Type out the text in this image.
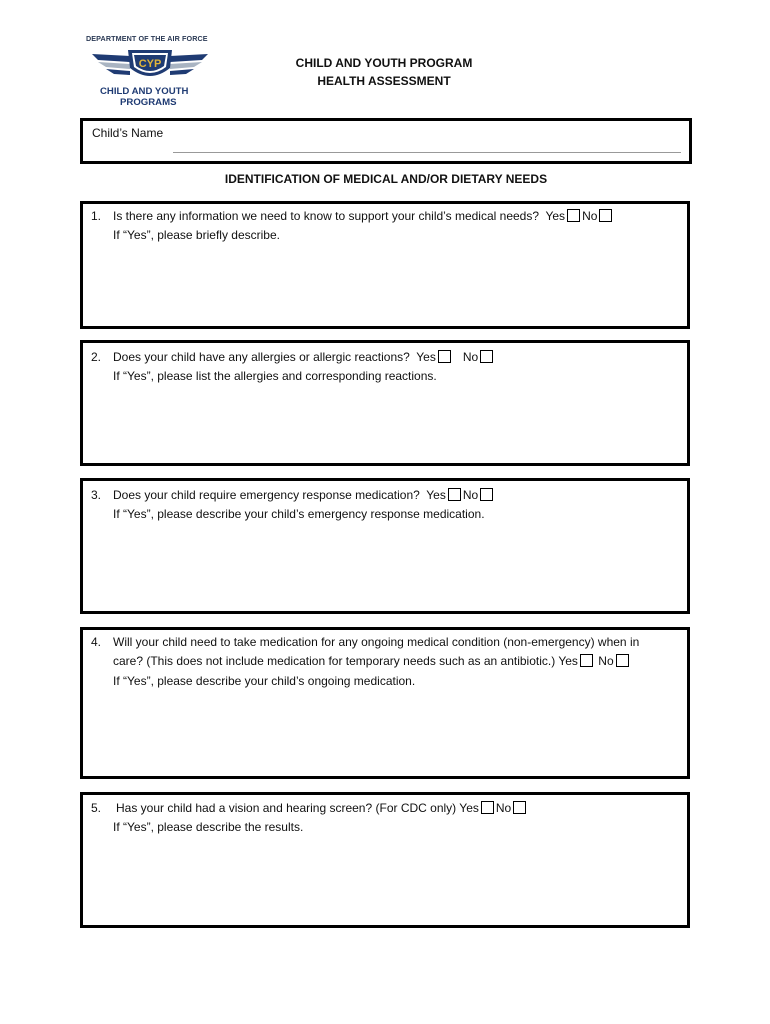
DEPARTMENT OF THE AIR FORCE
CYP
CHILD AND YOUTH
PROGRAMS
CHILD AND YOUTH PROGRAM
HEALTH ASSESSMENT
Child’s Name
IDENTIFICATION OF MEDICAL AND/OR DIETARY NEEDS
1. Is there any information we need to know to support your child’s medical needs? Yes No
If “Yes”, please briefly describe.
2. Does your child have any allergies or allergic reactions? Yes No
If “Yes”, please list the allergies and corresponding reactions.
3. Does your child require emergency response medication? Yes No
If “Yes”, please describe your child’s emergency response medication.
4. Will your child need to take medication for any ongoing medical condition (non-emergency) when in
care? (This does not include medication for temporary needs such as an antibiotic.) Yes No
If “Yes”, please describe your child’s ongoing medication.
5. Has your child had a vision and hearing screen? (For CDC only) Yes No
If “Yes”, please describe the results.
